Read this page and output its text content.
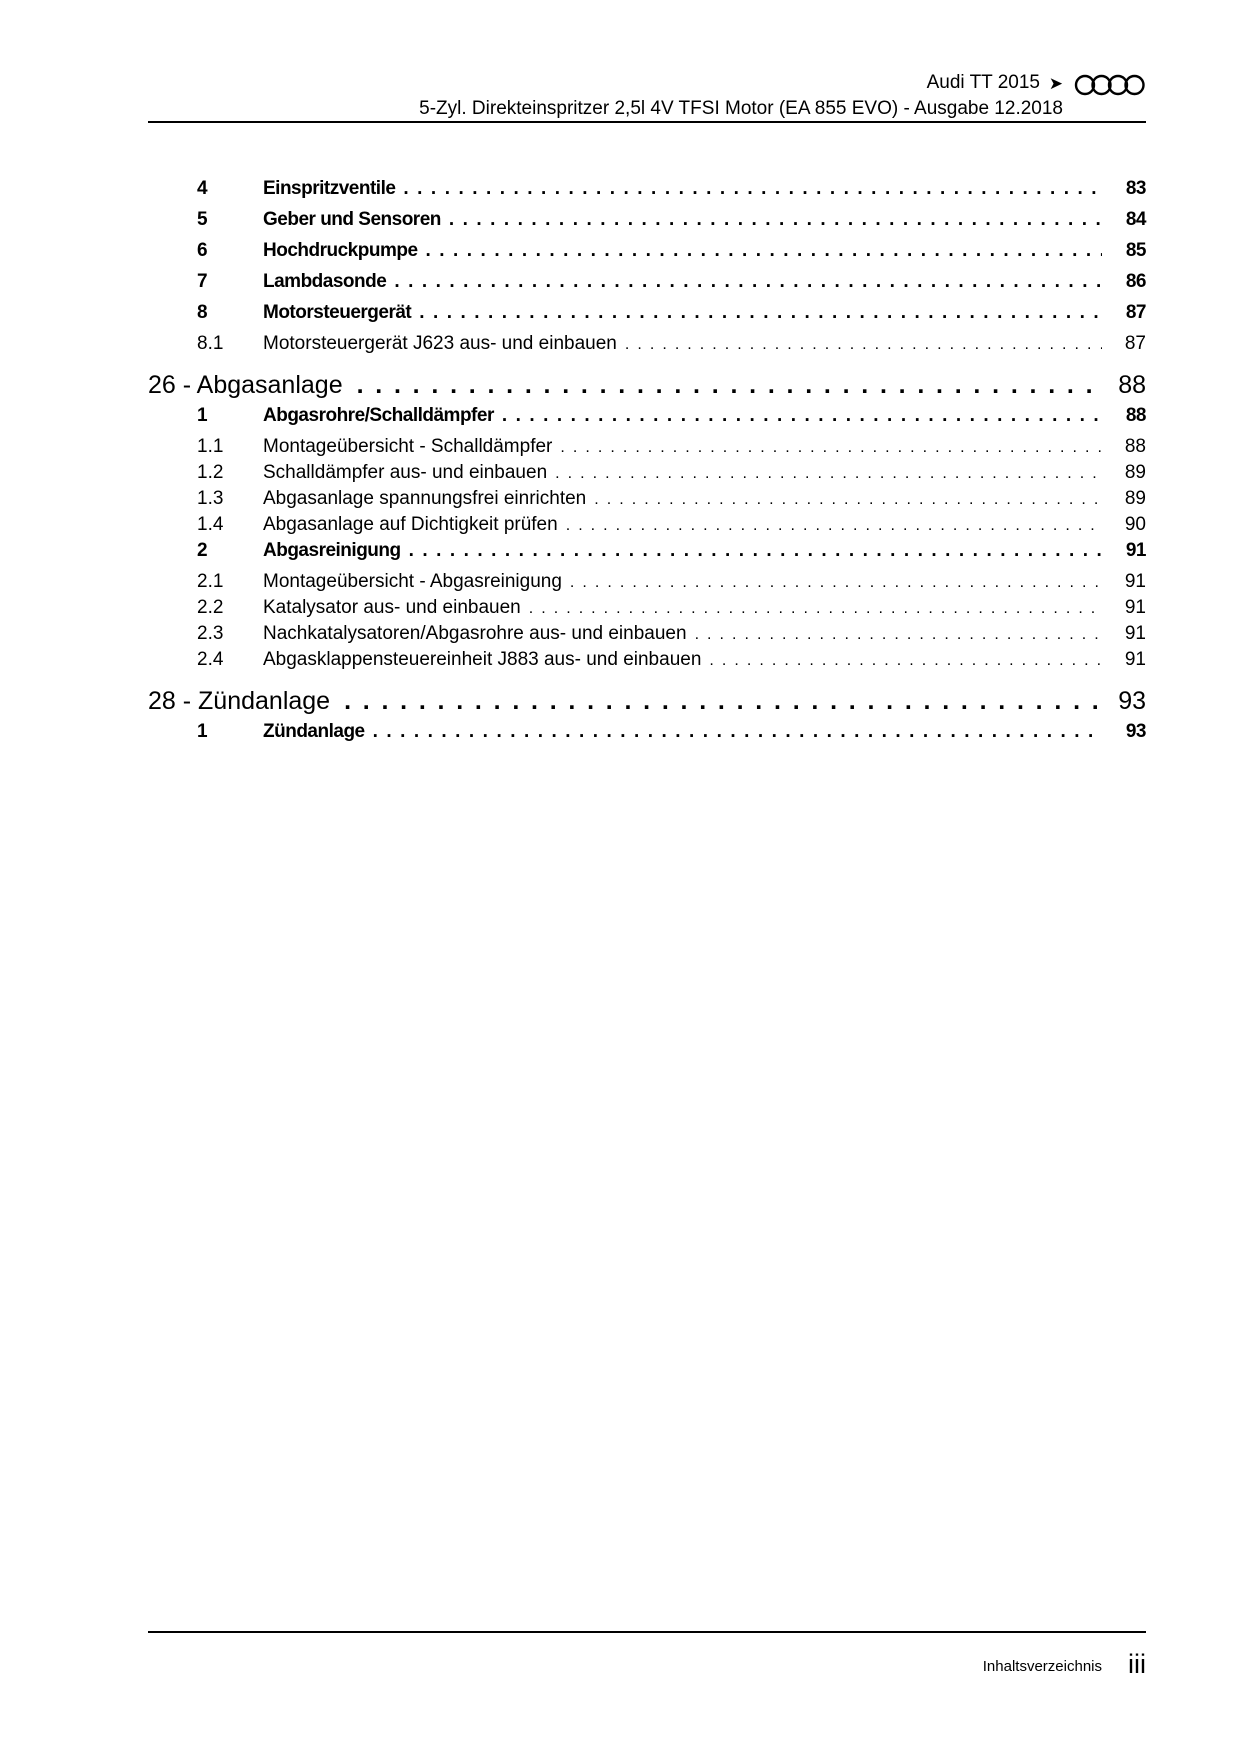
Audi TT 2015 ➤
5-Zyl. Direkteinspritzer 2,5l 4V TFSI Motor (EA 855 EVO) - Ausgabe 12.2018
4	Einspritzventile . . .	83
5	Geber und Sensoren . . .	84
6	Hochdruckpumpe . . .	85
7	Lambdasonde . . .	86
8	Motorsteuergerät . . .	87
8.1	Motorsteuergerät J623 aus- und einbauen . . .	87
26 - Abgasanlage . . .	88
1	Abgasrohre/Schalldämpfer . . .	88
1.1	Montageübersicht - Schalldämpfer . . .	88
1.2	Schalldämpfer aus- und einbauen . . .	89
1.3	Abgasanlage spannungsfrei einrichten . . .	89
1.4	Abgasanlage auf Dichtigkeit prüfen . . .	90
2	Abgasreinigung . . .	91
2.1	Montageübersicht - Abgasreinigung . . .	91
2.2	Katalysator aus- und einbauen . . .	91
2.3	Nachkatalysatoren/Abgasrohre aus- und einbauen . . .	91
2.4	Abgasklappensteuereinheit J883 aus- und einbauen . . .	91
28 - Zündanlage . . .	93
1	Zündanlage . . .	93
Inhaltsverzeichnis iii
